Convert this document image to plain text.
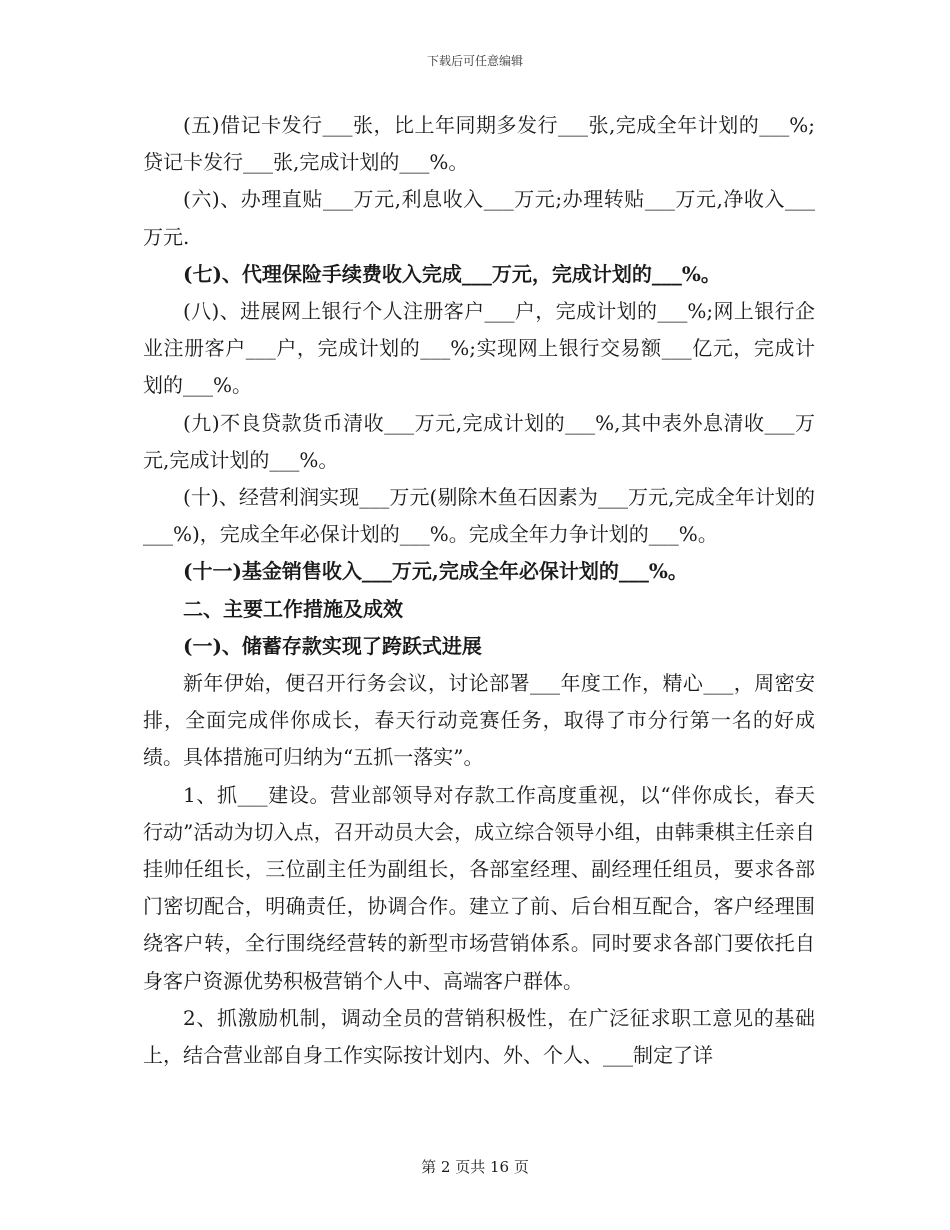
下载后可任意编辑

(五)借记卡发行___张，比上年同期多发行___张,完成全年计划的___%;贷记卡发行___张,完成计划的___%。

(六)、办理直贴___万元,利息收入___万元;办理转贴___万元,净收入___万元.

(七)、代理保险手续费收入完成___万元，完成计划的___%。

(八)、进展网上银行个人注册客户___户，完成计划的___%;网上银行企业注册客户___户，完成计划的___%;实现网上银行交易额___亿元，完成计划的___%。

(九)不良贷款货币清收___万元,完成计划的___%,其中表外息清收___万元,完成计划的___%。

(十)、经营利润实现___万元(剔除木鱼石因素为___万元,完成全年计划的___%)，完成全年必保计划的___%。完成全年力争计划的___%。

(十一)基金销售收入___万元,完成全年必保计划的___%。

二、主要工作措施及成效

(一)、储蓄存款实现了跨跃式进展

新年伊始，便召开行务会议，讨论部署___年度工作，精心___，周密安排，全面完成伴你成长，春天行动竞赛任务，取得了市分行第一名的好成绩。具体措施可归纳为“五抓一落实”。

1、抓___建设。营业部领导对存款工作高度重视，以“伴你成长，春天行动”活动为切入点，召开动员大会，成立综合领导小组，由韩秉棋主任亲自挂帅任组长，三位副主任为副组长，各部室经理、副经理任组员，要求各部门密切配合，明确责任，协调合作。建立了前、后台相互配合，客户经理围绕客户转，全行围绕经营转的新型市场营销体系。同时要求各部门要依托自身客户资源优势积极营销个人中、高端客户群体。

2、抓激励机制，调动全员的营销积极性，在广泛征求职工意见的基础上，结合营业部自身工作实际按计划内、外、个人、___制定了详

第 2 页共 16 页
